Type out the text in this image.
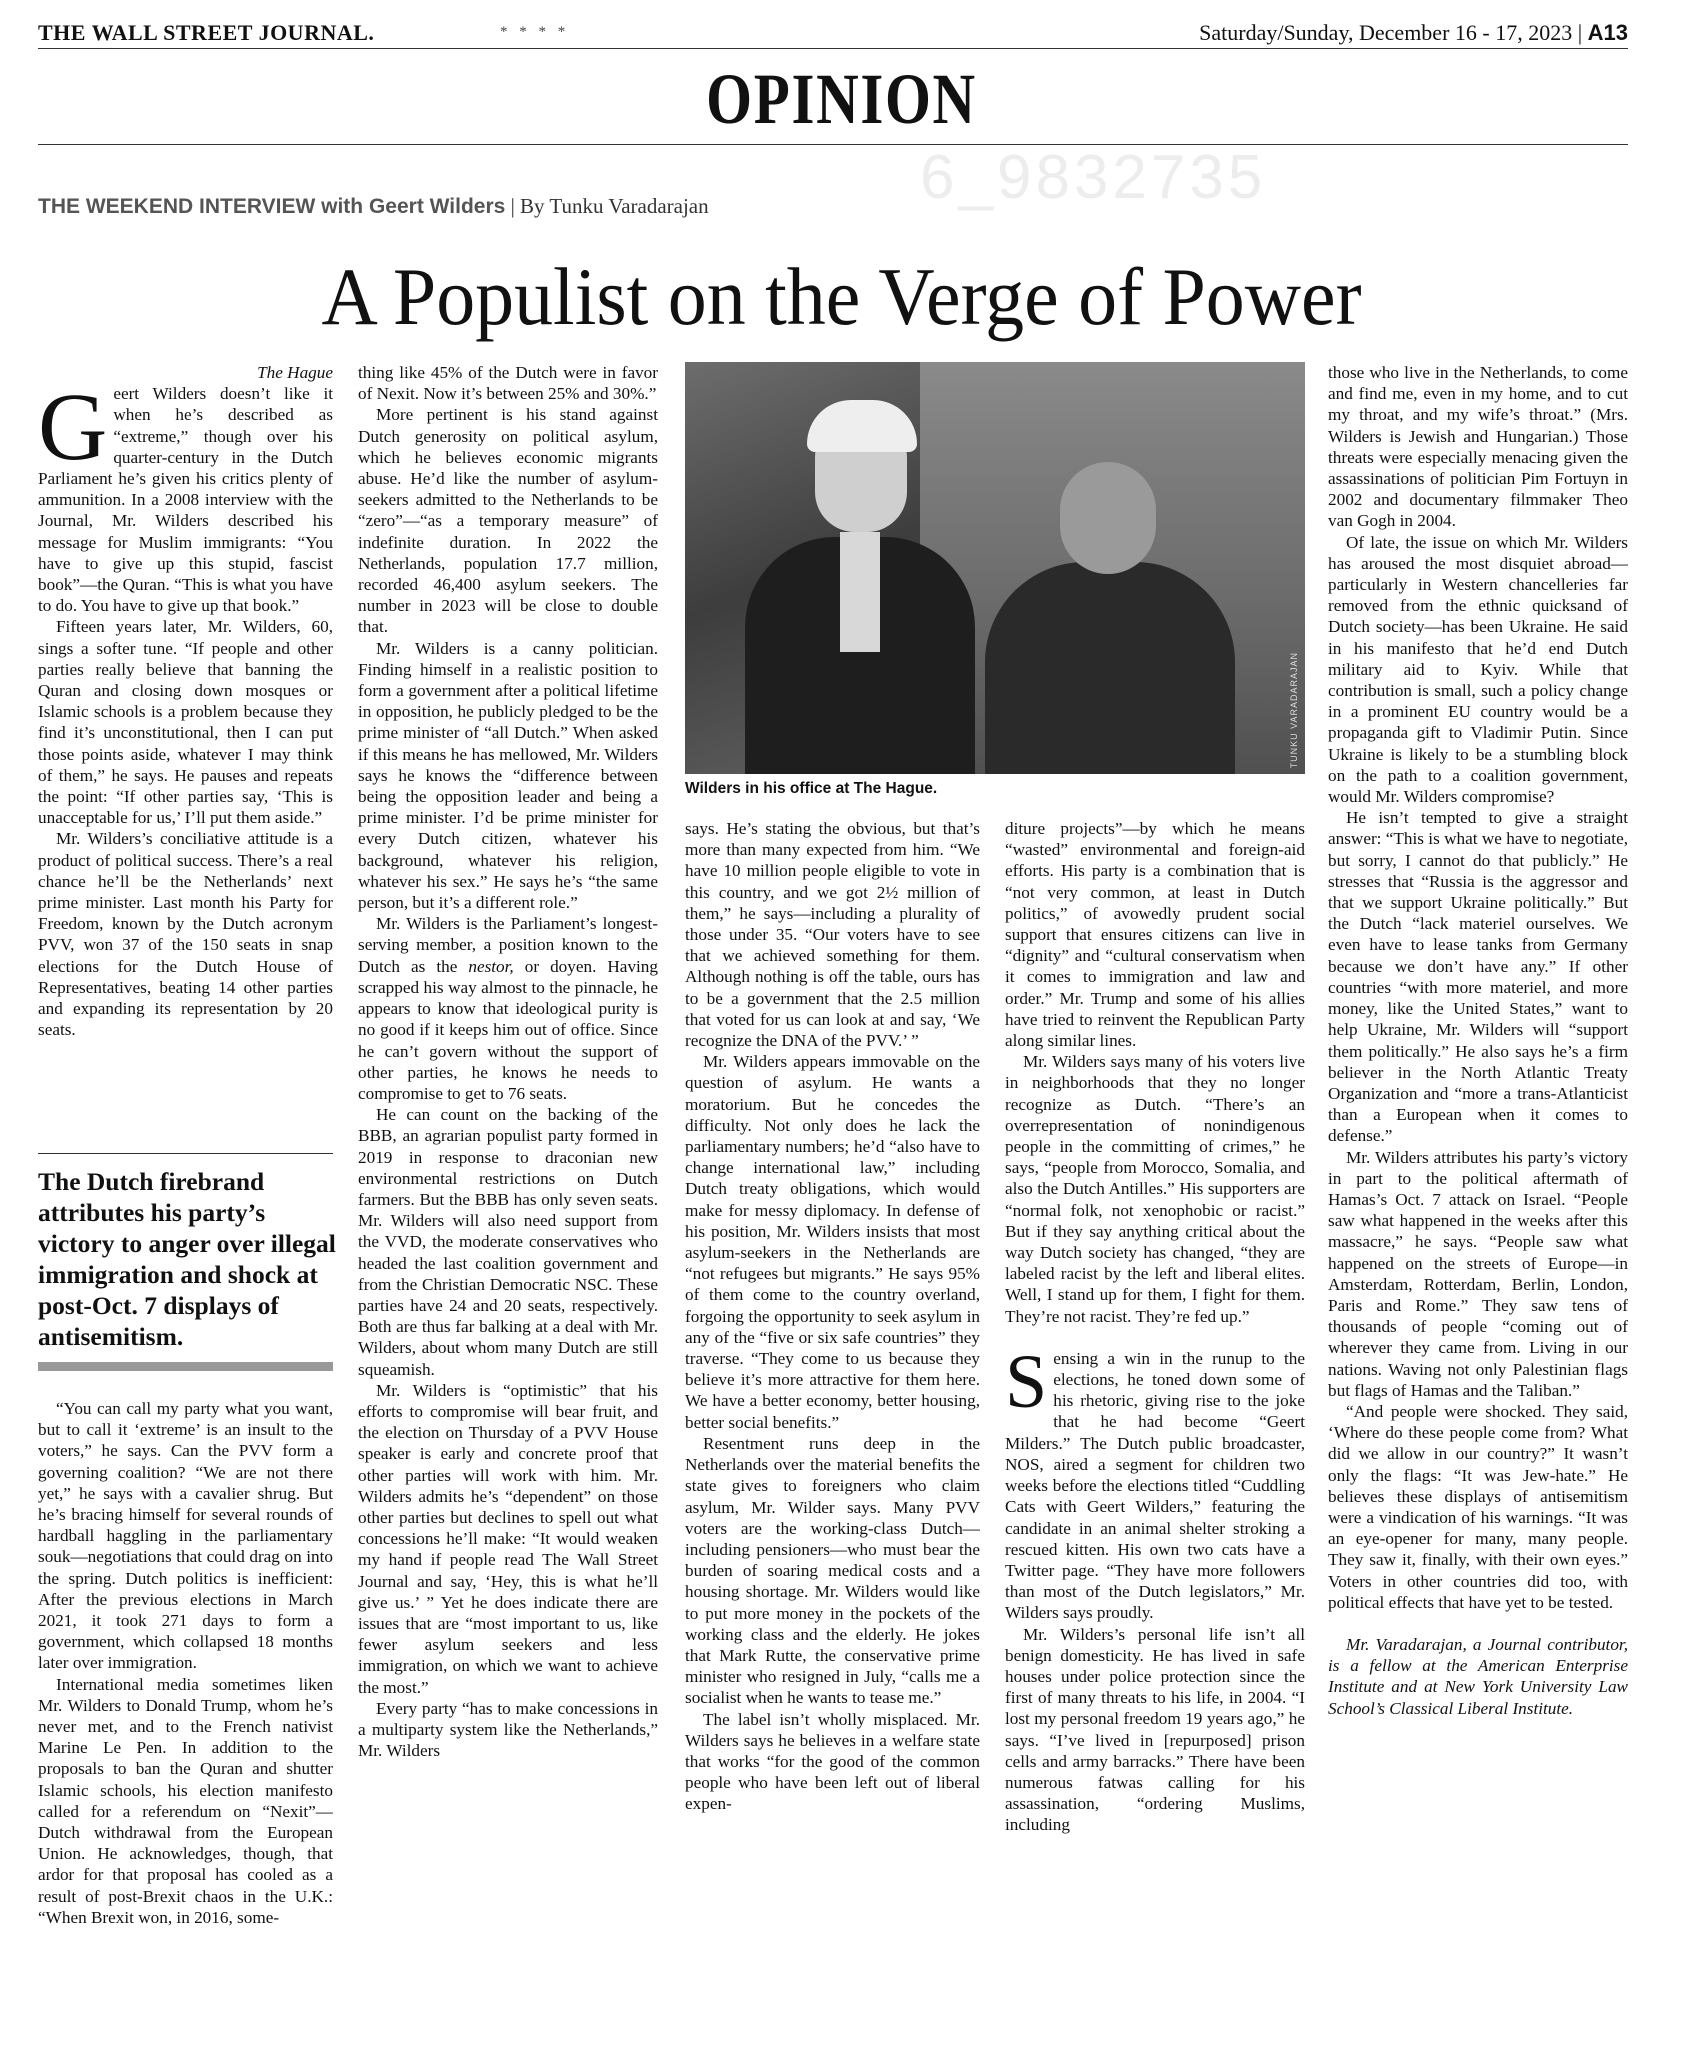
THE WALL STREET JOURNAL.	* * * *	Saturday/Sunday, December 16 - 17, 2023 | A13
OPINION
6_9832735
THE WEEKEND INTERVIEW with Geert Wilders | By Tunku Varadarajan
A Populist on the Verge of Power
The Hague

Geert Wilders doesn’t like it when he’s described as “extreme,” though over his quarter-century in the Dutch Parliament he’s given his critics plenty of ammunition. In a 2008 interview with the Journal, Mr. Wilders described his message for Muslim immigrants: “You have to give up this stupid, fascist book”—the Quran. “This is what you have to do. You have to give up that book.”

Fifteen years later, Mr. Wilders, 60, sings a softer tune. “If people and other parties really believe that banning the Quran and closing down mosques or Islamic schools is a problem because they find it’s unconstitutional, then I can put those points aside, whatever I may think of them,” he says. He pauses and repeats the point: “If other parties say, ‘This is unacceptable for us,’ I’ll put them aside.”

Mr. Wilders’s conciliative attitude is a product of political success. There’s a real chance he’ll be the Netherlands’ next prime minister. Last month his Party for Freedom, known by the Dutch acronym PVV, won 37 of the 150 seats in snap elections for the Dutch House of Representatives, beating 14 other parties and expanding its representation by 20 seats.

The Dutch firebrand attributes his party’s victory to anger over illegal immigration and shock at post-Oct. 7 displays of antisemitism.

“You can call my party what you want, but to call it ‘extreme’ is an insult to the voters,” he says. Can the PVV form a governing coalition? “We are not there yet,” he says with a cavalier shrug. But he’s bracing himself for several rounds of hardball haggling in the parliamentary souk—negotiations that could drag on into the spring. Dutch politics is inefficient: After the previous elections in March 2021, it took 271 days to form a government, which collapsed 18 months later over immigration.

International media sometimes liken Mr. Wilders to Donald Trump, whom he’s never met, and to the French nativist Marine Le Pen. In addition to the proposals to ban the Quran and shutter Islamic schools, his election manifesto called for a referendum on “Nexit”—Dutch withdrawal from the European Union. He acknowledges, though, that ardor for that proposal has cooled as a result of post-Brexit chaos in the U.K.: “When Brexit won, in 2016, some-

thing like 45% of the Dutch were in favor of Nexit. Now it’s between 25% and 30%.”

More pertinent is his stand against Dutch generosity on political asylum, which he believes economic migrants abuse. He’d like the number of asylum-seekers admitted to the Netherlands to be “zero”—“as a temporary measure” of indefinite duration. In 2022 the Netherlands, population 17.7 million, recorded 46,400 asylum seekers. The number in 2023 will be close to double that.

Mr. Wilders is a canny politician. Finding himself in a realistic position to form a government after a political lifetime in opposition, he publicly pledged to be the prime minister of “all Dutch.” When asked if this means he has mellowed, Mr. Wilders says he knows the “difference between being the opposition leader and being a prime minister. I’d be prime minister for every Dutch citizen, whatever his background, whatever his religion, whatever his sex.” He says he’s “the same person, but it’s a different role.”

Mr. Wilders is the Parliament’s longest-serving member, a position known to the Dutch as the nestor, or doyen. Having scrapped his way almost to the pinnacle, he appears to know that ideological purity is no good if it keeps him out of office. Since he can’t govern without the support of other parties, he knows he needs to compromise to get to 76 seats.

He can count on the backing of the BBB, an agrarian populist party formed in 2019 in response to draconian new environmental restrictions on Dutch farmers. But the BBB has only seven seats. Mr. Wilders will also need support from the VVD, the moderate conservatives who headed the last coalition government and from the Christian Democratic NSC. These parties have 24 and 20 seats, respectively. Both are thus far balking at a deal with Mr. Wilders, about whom many Dutch are still squeamish.

Mr. Wilders is “optimistic” that his efforts to compromise will bear fruit, and the election on Thursday of a PVV House speaker is early and concrete proof that other parties will work with him. Mr. Wilders admits he’s “dependent” on those other parties but declines to spell out what concessions he’ll make: “It would weaken my hand if people read The Wall Street Journal and say, ‘Hey, this is what he’ll give us.’ ” Yet he does indicate there are issues that are “most important to us, like fewer asylum seekers and less immigration, on which we want to achieve the most.”

Every party “has to make concessions in a multiparty system like the Netherlands,” Mr. Wilders

TUNKU VARADARAJAN
Wilders in his office at The Hague.

says. He’s stating the obvious, but that’s more than many expected from him. “We have 10 million people eligible to vote in this country, and we got 2½ million of them,” he says—including a plurality of those under 35. “Our voters have to see that we achieved something for them. Although nothing is off the table, ours has to be a government that the 2.5 million that voted for us can look at and say, ‘We recognize the DNA of the PVV.’ ”

Mr. Wilders appears immovable on the question of asylum. He wants a moratorium. But he concedes the difficulty. Not only does he lack the parliamentary numbers; he’d “also have to change international law,” including Dutch treaty obligations, which would make for messy diplomacy. In defense of his position, Mr. Wilders insists that most asylum-seekers in the Netherlands are “not refugees but migrants.” He says 95% of them come to the country overland, forgoing the opportunity to seek asylum in any of the “five or six safe countries” they traverse. “They come to us because they believe it’s more attractive for them here. We have a better economy, better housing, better social benefits.”

Resentment runs deep in the Netherlands over the material benefits the state gives to foreigners who claim asylum, Mr. Wilder says. Many PVV voters are the working-class Dutch—including pensioners—who must bear the burden of soaring medical costs and a housing shortage. Mr. Wilders would like to put more money in the pockets of the working class and the elderly. He jokes that Mark Rutte, the conservative prime minister who resigned in July, “calls me a socialist when he wants to tease me.”

The label isn’t wholly misplaced. Mr. Wilders says he believes in a welfare state that works “for the good of the common people who have been left out of liberal expen-

diture projects”—by which he means “wasted” environmental and foreign-aid efforts. His party is a combination that is “not very common, at least in Dutch politics,” of avowedly prudent social support that ensures citizens can live in “dignity” and “cultural conservatism when it comes to immigration and law and order.” Mr. Trump and some of his allies have tried to reinvent the Republican Party along similar lines.

Mr. Wilders says many of his voters live in neighborhoods that they no longer recognize as Dutch. “There’s an overrepresentation of nonindigenous people in the committing of crimes,” he says, “people from Morocco, Somalia, and also the Dutch Antilles.” His supporters are “normal folk, not xenophobic or racist.” But if they say anything critical about the way Dutch society has changed, “they are labeled racist by the left and liberal elites. Well, I stand up for them, I fight for them. They’re not racist. They’re fed up.”

Sensing a win in the runup to the elections, he toned down some of his rhetoric, giving rise to the joke that he had become “Geert Milders.” The Dutch public broadcaster, NOS, aired a segment for children two weeks before the elections titled “Cuddling Cats with Geert Wilders,” featuring the candidate in an animal shelter stroking a rescued kitten. His own two cats have a Twitter page. “They have more followers than most of the Dutch legislators,” Mr. Wilders says proudly.

Mr. Wilders’s personal life isn’t all benign domesticity. He has lived in safe houses under police protection since the first of many threats to his life, in 2004. “I lost my personal freedom 19 years ago,” he says. “I’ve lived in [repurposed] prison cells and army barracks.” There have been numerous fatwas calling for his assassination, “ordering Muslims, including

those who live in the Netherlands, to come and find me, even in my home, and to cut my throat, and my wife’s throat.” (Mrs. Wilders is Jewish and Hungarian.) Those threats were especially menacing given the assassinations of politician Pim Fortuyn in 2002 and documentary filmmaker Theo van Gogh in 2004.

Of late, the issue on which Mr. Wilders has aroused the most disquiet abroad—particularly in Western chancelleries far removed from the ethnic quicksand of Dutch society—has been Ukraine. He said in his manifesto that he’d end Dutch military aid to Kyiv. While that contribution is small, such a policy change in a prominent EU country would be a propaganda gift to Vladimir Putin. Since Ukraine is likely to be a stumbling block on the path to a coalition government, would Mr. Wilders compromise?

He isn’t tempted to give a straight answer: “This is what we have to negotiate, but sorry, I cannot do that publicly.” He stresses that “Russia is the aggressor and that we support Ukraine politically.” But the Dutch “lack materiel ourselves. We even have to lease tanks from Germany because we don’t have any.” If other countries “with more materiel, and more money, like the United States,” want to help Ukraine, Mr. Wilders will “support them politically.” He also says he’s a firm believer in the North Atlantic Treaty Organization and “more a trans-Atlanticist than a European when it comes to defense.”

Mr. Wilders attributes his party’s victory in part to the political aftermath of Hamas’s Oct. 7 attack on Israel. “People saw what happened in the weeks after this massacre,” he says. “People saw what happened on the streets of Europe—in Amsterdam, Rotterdam, Berlin, London, Paris and Rome.” They saw tens of thousands of people “coming out of wherever they came from. Living in our nations. Waving not only Palestinian flags but flags of Hamas and the Taliban.”

“And people were shocked. They said, ‘Where do these people come from? What did we allow in our country?” It wasn’t only the flags: “It was Jew-hate.” He believes these displays of antisemitism were a vindication of his warnings. “It was an eye-opener for many, many people. They saw it, finally, with their own eyes.” Voters in other countries did too, with political effects that have yet to be tested.

Mr. Varadarajan, a Journal contributor, is a fellow at the American Enterprise Institute and at New York University Law School’s Classical Liberal Institute.
